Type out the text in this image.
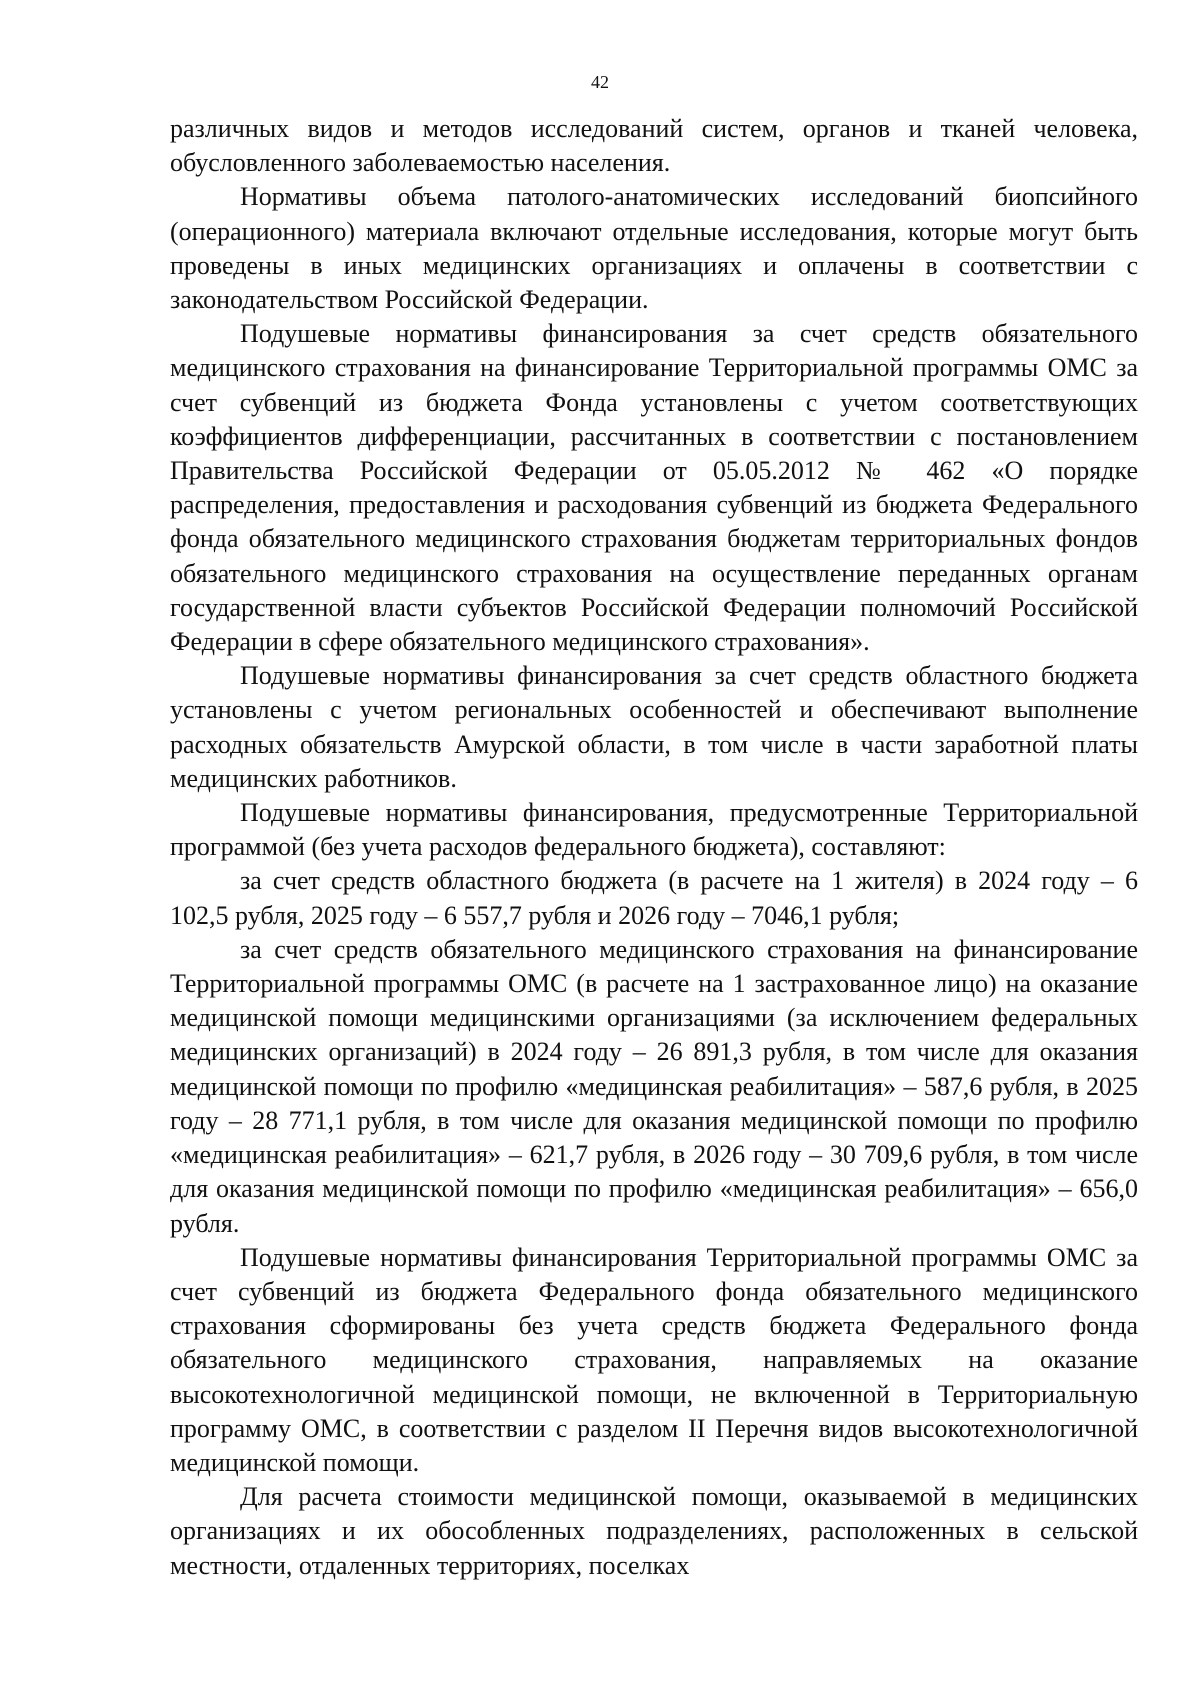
42

различных видов и методов исследований систем, органов и тканей человека, обусловленного заболеваемостью населения.

Нормативы объема патолого-анатомических исследований биопсийного (операционного) материала включают отдельные исследования, которые могут быть проведены в иных медицинских организациях и оплачены в соответствии с законодательством Российской Федерации.

Подушевые нормативы финансирования за счет средств обязательного медицинского страхования на финансирование Территориальной программы ОМС за счет субвенций из бюджета Фонда установлены с учетом соответствующих коэффициентов дифференциации, рассчитанных в соответствии с постановлением Правительства Российской Федерации от 05.05.2012 № 462 «О порядке распределения, предоставления и расходования субвенций из бюджета Федерального фонда обязательного медицинского страхования бюджетам территориальных фондов обязательного медицинского страхования на осуществление переданных органам государственной власти субъектов Российской Федерации полномочий Российской Федерации в сфере обязательного медицинского страхования».

Подушевые нормативы финансирования за счет средств областного бюджета установлены с учетом региональных особенностей и обеспечивают выполнение расходных обязательств Амурской области, в том числе в части заработной платы медицинских работников.

Подушевые нормативы финансирования, предусмотренные Территориальной программой (без учета расходов федерального бюджета), составляют:

за счет средств областного бюджета (в расчете на 1 жителя) в 2024 году – 6 102,5 рубля, 2025 году – 6 557,7 рубля и 2026 году – 7046,1 рубля;

за счет средств обязательного медицинского страхования на финансирование Территориальной программы ОМС (в расчете на 1 застрахованное лицо) на оказание медицинской помощи медицинскими организациями (за исключением федеральных медицинских организаций) в 2024 году – 26 891,3 рубля, в том числе для оказания медицинской помощи по профилю «медицинская реабилитация» – 587,6 рубля, в 2025 году – 28 771,1 рубля, в том числе для оказания медицинской помощи по профилю «медицинская реабилитация» – 621,7 рубля, в 2026 году – 30 709,6 рубля, в том числе для оказания медицинской помощи по профилю «медицинская реабилитация» – 656,0 рубля.

Подушевые нормативы финансирования Территориальной программы ОМС за счет субвенций из бюджета Федерального фонда обязательного медицинского страхования сформированы без учета средств бюджета Федерального фонда обязательного медицинского страхования, направляемых на оказание высокотехнологичной медицинской помощи, не включенной в Территориальную программу ОМС, в соответствии с разделом II Перечня видов высокотехнологичной медицинской помощи.

Для расчета стоимости медицинской помощи, оказываемой в медицинских организациях и их обособленных подразделениях, расположенных в сельской местности, отдаленных территориях, поселках
